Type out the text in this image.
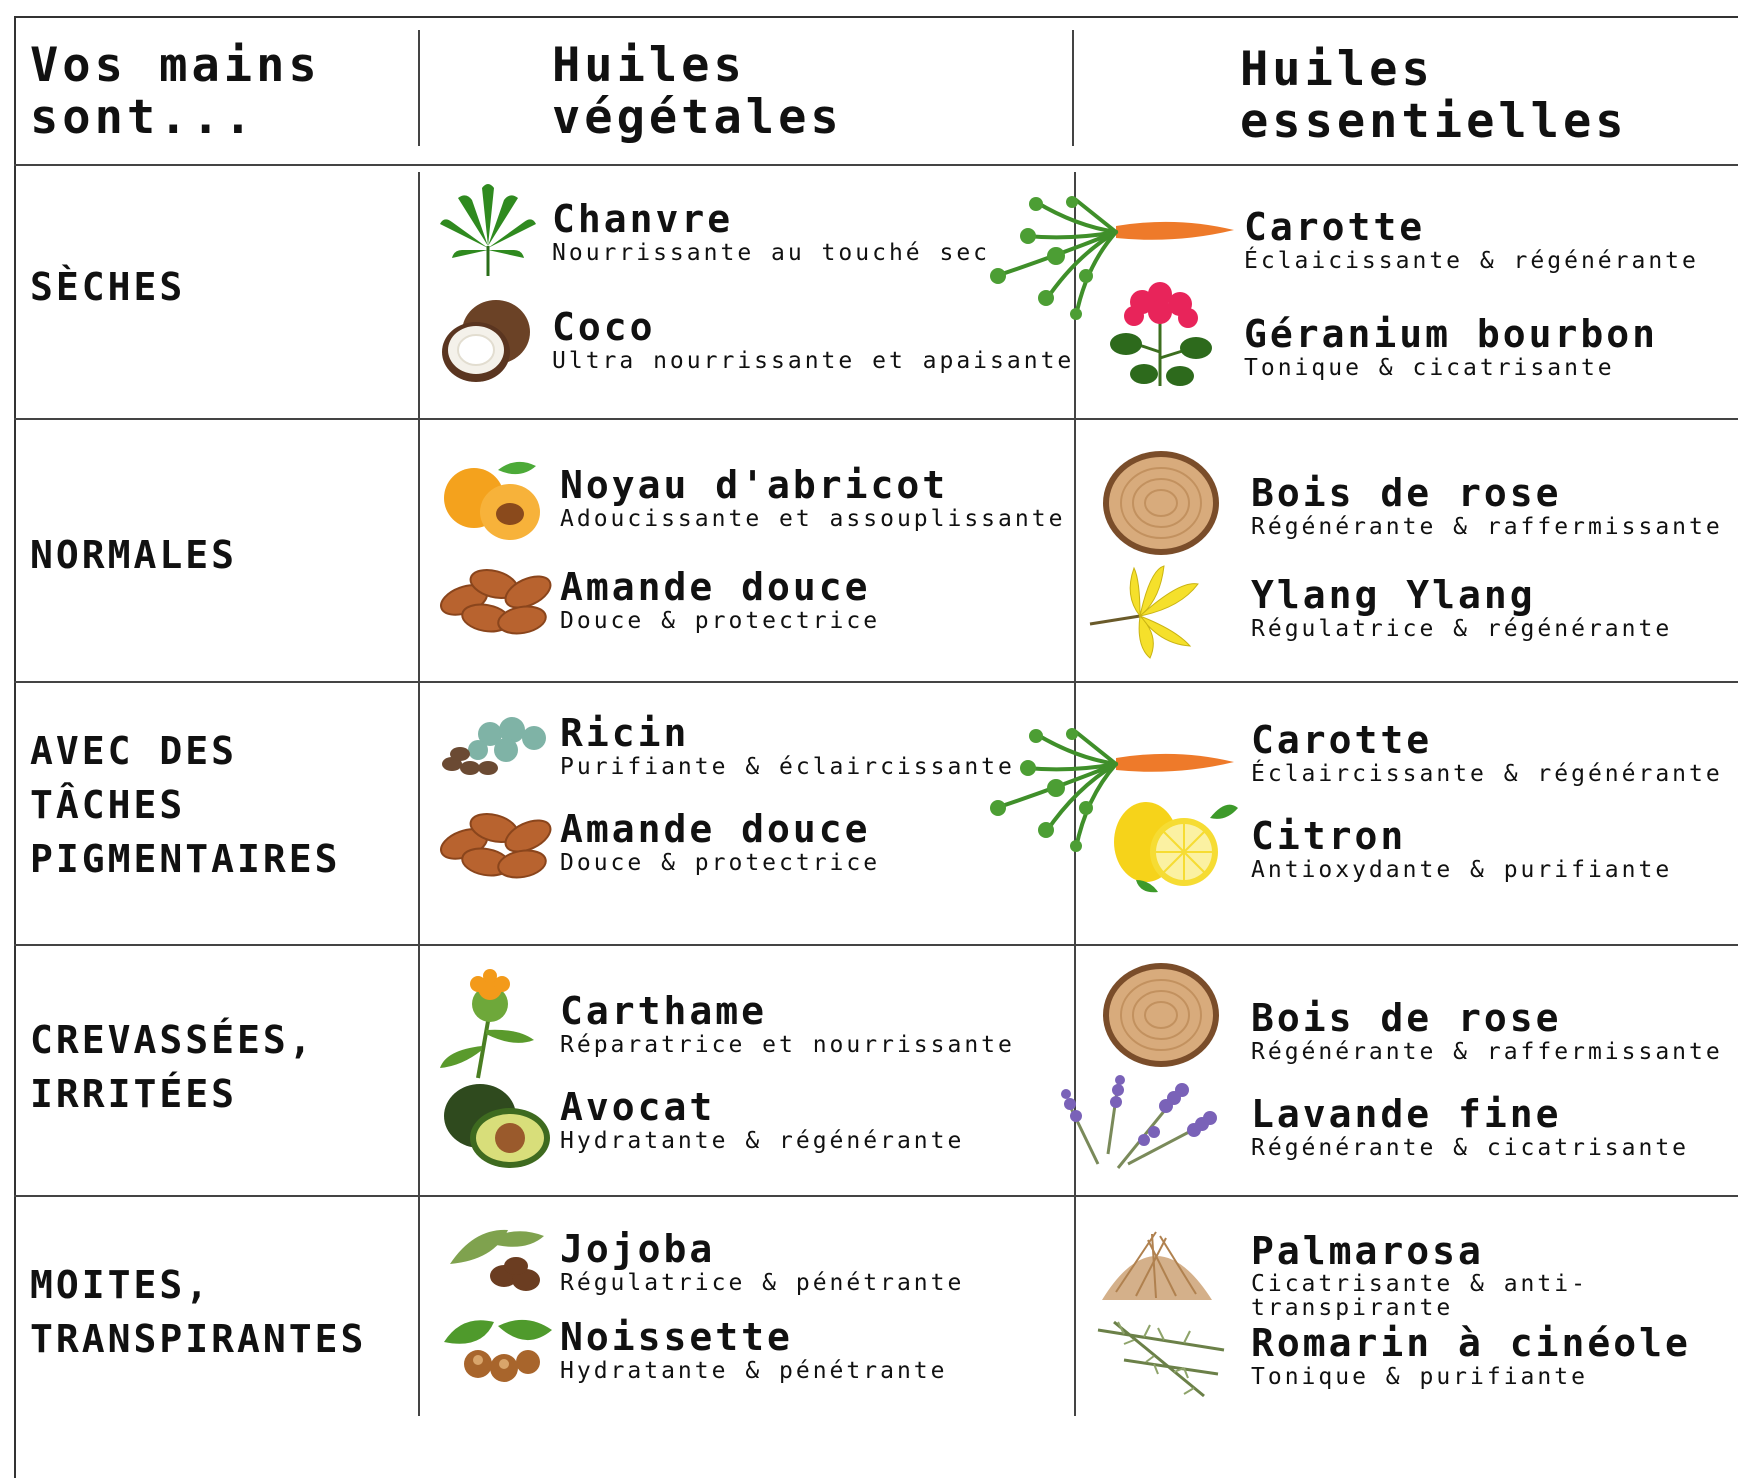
Vos mains
sont...
Huiles
végétales
Huiles
essentielles
SÈCHES
NORMALES
AVEC DES
TÂCHES
PIGMENTAIRES
CREVASSÉES,
IRRITÉES
MOITES,
TRANSPIRANTES
Chanvre
Nourrissante au touché sec
Coco
Ultra nourrissante et apaisante
Carotte
Éclaicissante & régénérante
Géranium bourbon
Tonique & cicatrisante
Noyau d'abricot
Adoucissante et assouplissante
Amande douce
Douce & protectrice
Bois de rose
Régénérante & raffermissante
Ylang Ylang
Régulatrice & régénérante
Ricin
Purifiante & éclaircissante
Amande douce
Douce & protectrice
Carotte
Éclaircissante & régénérante
Citron
Antioxydante & purifiante
Carthame
Réparatrice et nourrissante
Avocat
Hydratante & régénérante
Bois de rose
Régénérante & raffermissante
Lavande fine
Régénérante & cicatrisante
Jojoba
Régulatrice & pénétrante
Noissette
Hydratante & pénétrante
Palmarosa
Cicatrisante & anti-transpirante
Romarin à cinéole
Tonique & purifiante
